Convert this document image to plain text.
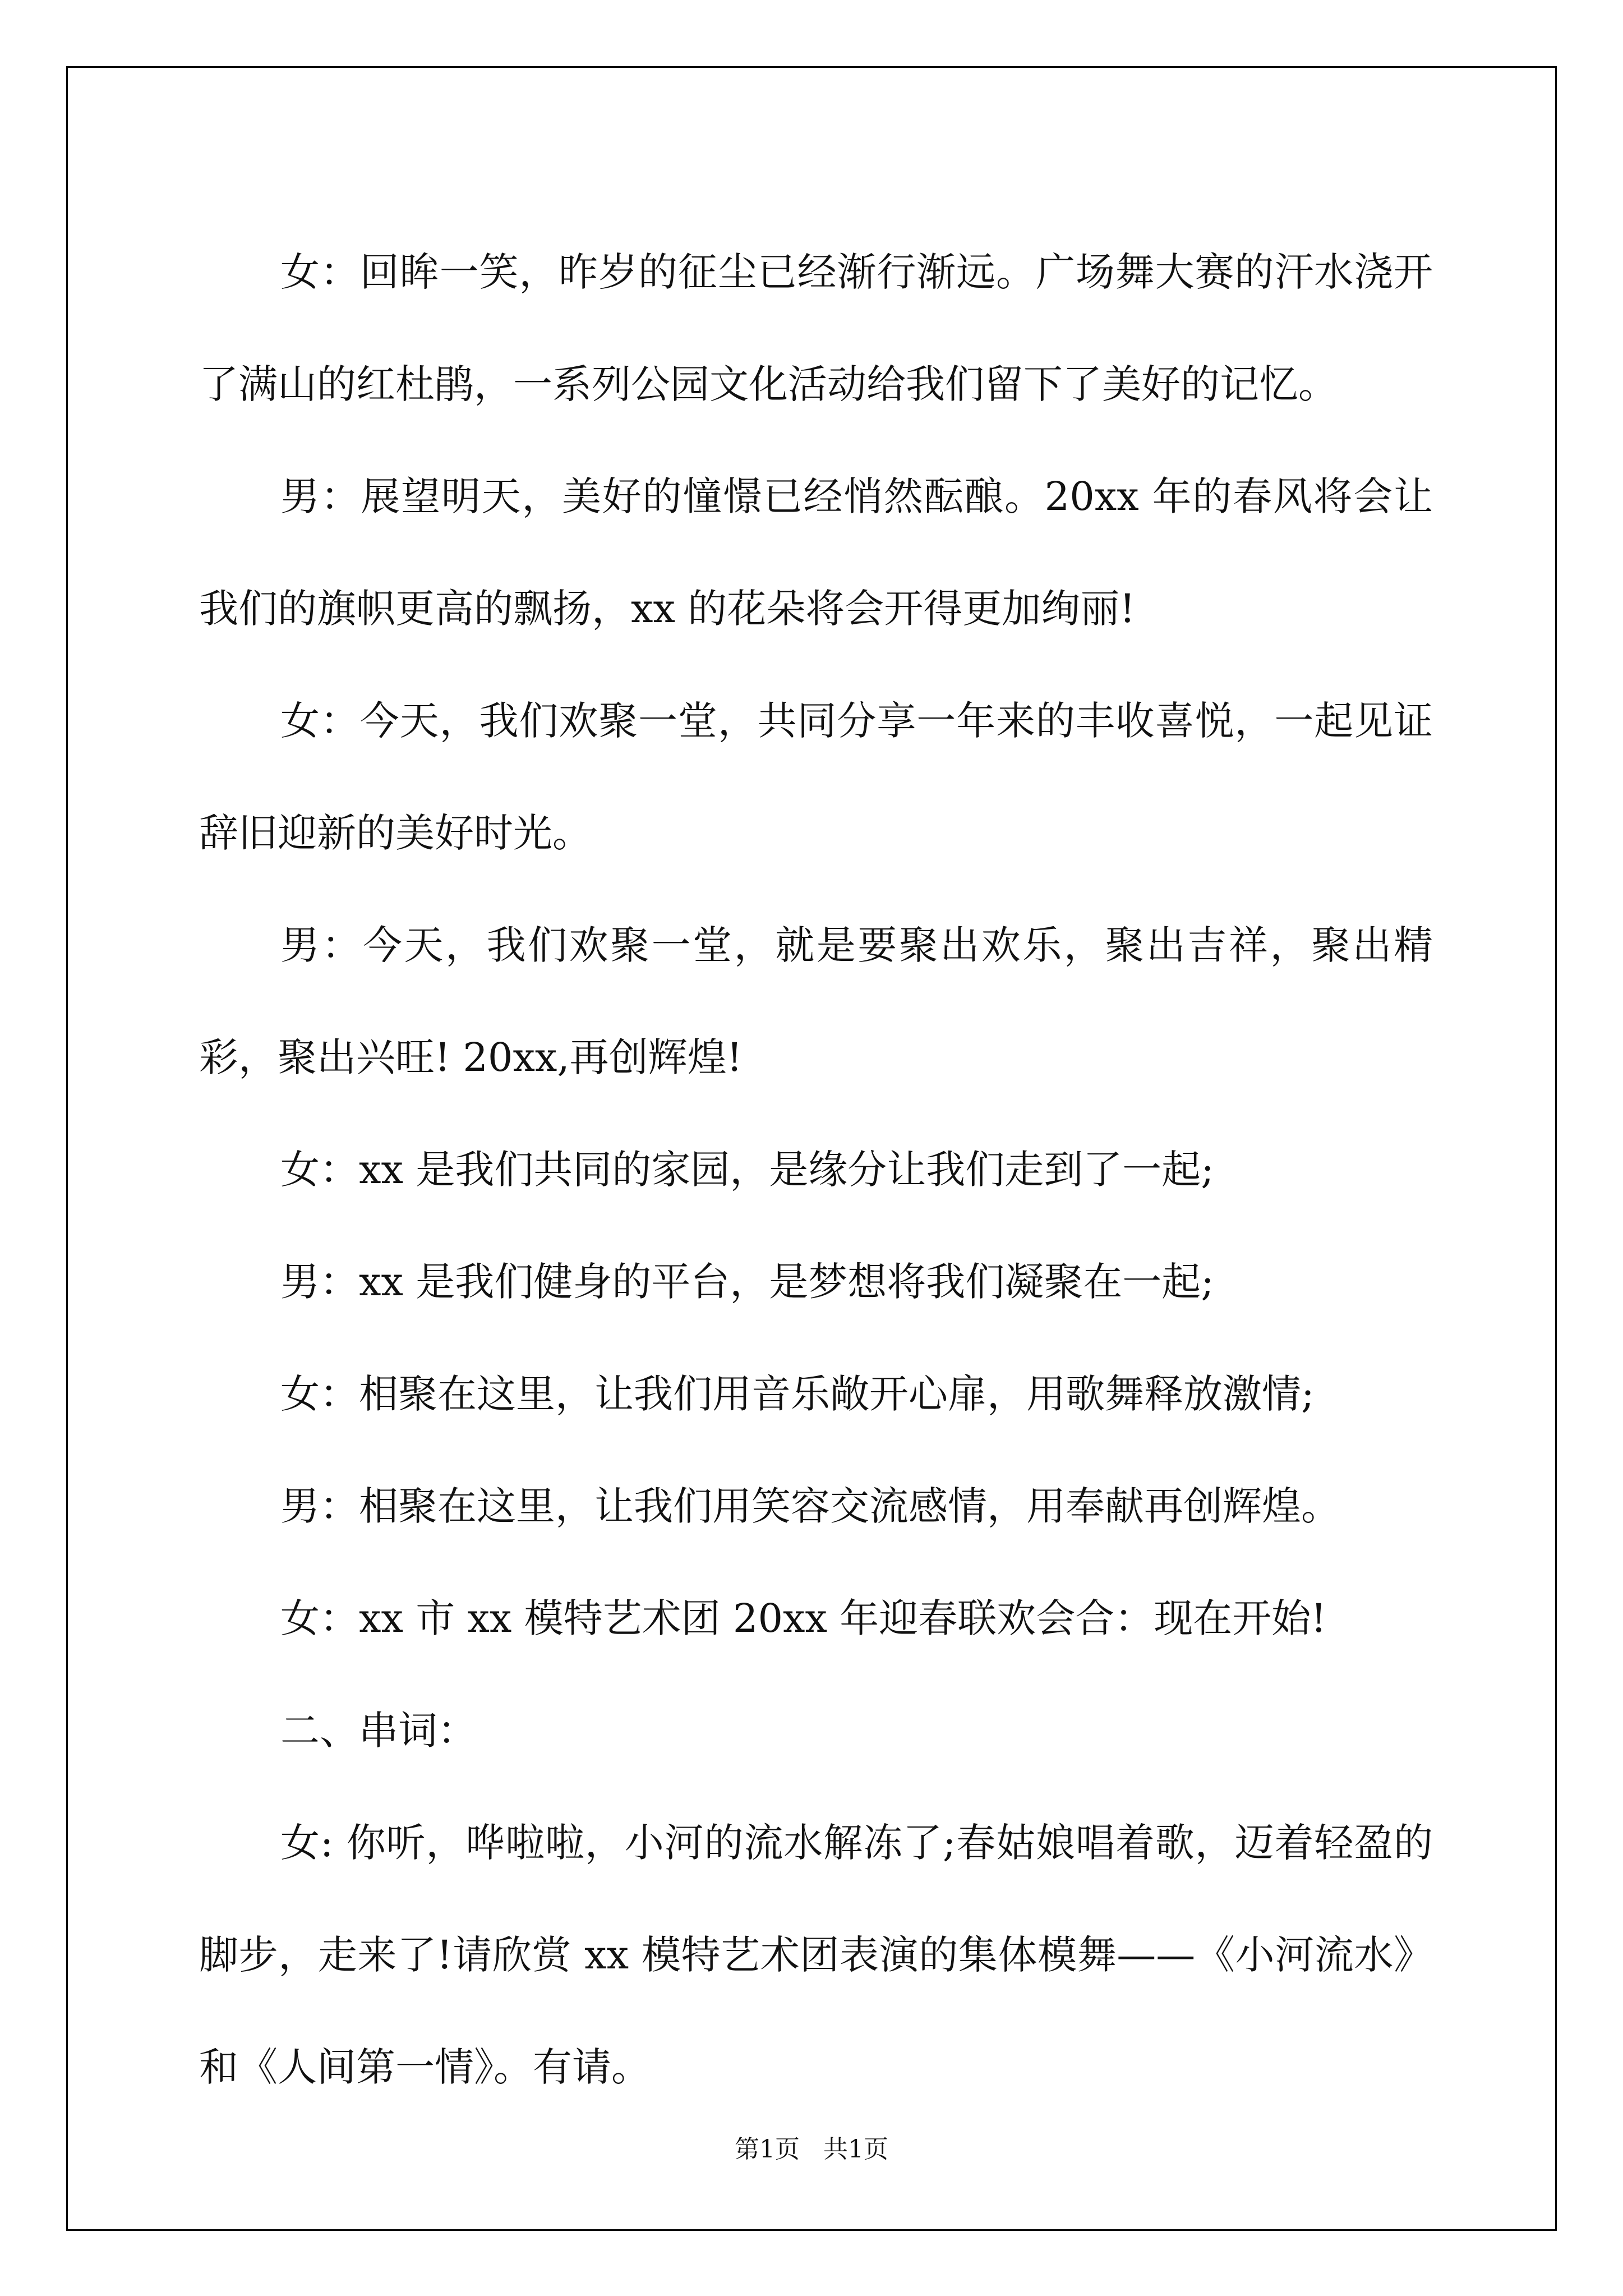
女：回眸一笑，昨岁的征尘已经渐行渐远。广场舞大赛的汗水浇开了满山的红杜鹃，一系列公园文化活动给我们留下了美好的记忆。

男：展望明天，美好的憧憬已经悄然酝酿。20xx 年的春风将会让我们的旗帜更高的飘扬，xx 的花朵将会开得更加绚丽!

女：今天，我们欢聚一堂，共同分享一年来的丰收喜悦，一起见证辞旧迎新的美好时光。

男：今天，我们欢聚一堂，就是要聚出欢乐，聚出吉祥，聚出精彩，聚出兴旺! 20xx,再创辉煌!

女：xx 是我们共同的家园，是缘分让我们走到了一起;

男：xx 是我们健身的平台，是梦想将我们凝聚在一起;

女：相聚在这里，让我们用音乐敞开心扉，用歌舞释放激情;

男：相聚在这里，让我们用笑容交流感情，用奉献再创辉煌。

女：xx 市 xx 模特艺术团 20xx 年迎春联欢会合：现在开始!

二、串词：

女: 你听，哗啦啦，小河的流水解冻了;春姑娘唱着歌，迈着轻盈的脚步，走来了!请欣赏 xx 模特艺术团表演的集体模舞——《小河流水》和《人间第一情》。有请。

第1页   共1页
